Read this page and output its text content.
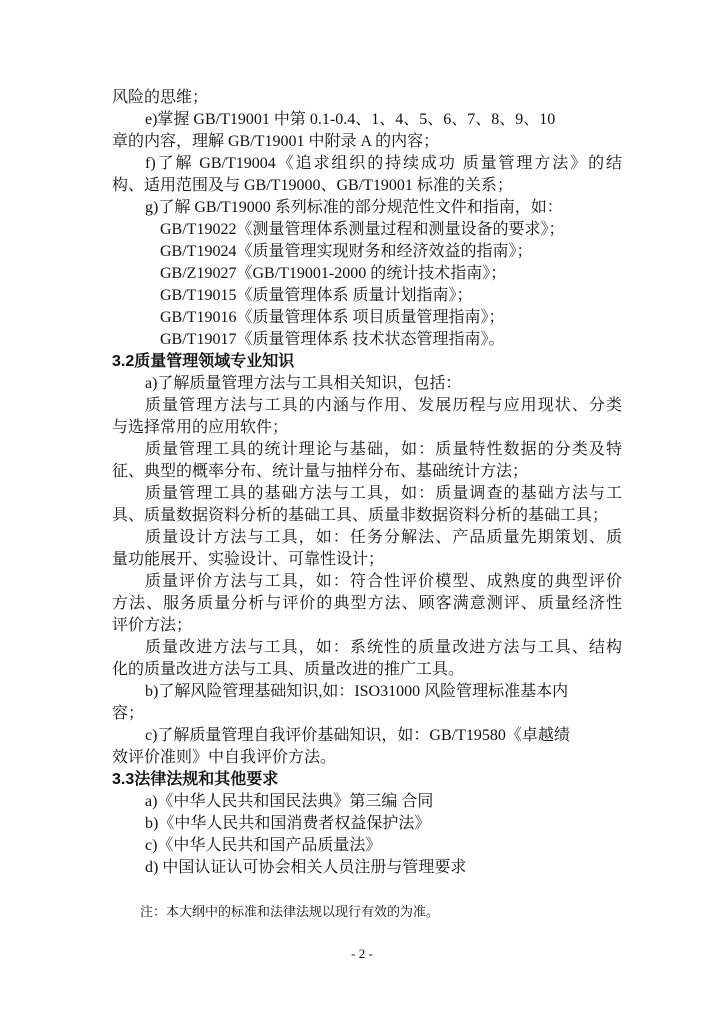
风险的思维；
e)掌握 GB/T19001 中第 0.1-0.4、1、4、5、6、7、8、9、10
章的内容，理解 GB/T19001 中附录 A 的内容；
f)了解 GB/T19004《追求组织的持续成功 质量管理方法》的结
构、适用范围及与 GB/T19000、GB/T19001 标准的关系；
g)了解 GB/T19000 系列标准的部分规范性文件和指南，如：
GB/T19022《测量管理体系测量过程和测量设备的要求》；
GB/T19024《质量管理实现财务和经济效益的指南》；
GB/Z19027《GB/T19001-2000 的统计技术指南》；
GB/T19015《质量管理体系 质量计划指南》；
GB/T19016《质量管理体系 项目质量管理指南》；
GB/T19017《质量管理体系 技术状态管理指南》。
3.2质量管理领域专业知识
a)了解质量管理方法与工具相关知识，包括：
质量管理方法与工具的内涵与作用、发展历程与应用现状、分类
与选择常用的应用软件；
质量管理工具的统计理论与基础，如：质量特性数据的分类及特
征、典型的概率分布、统计量与抽样分布、基础统计方法；
质量管理工具的基础方法与工具，如：质量调查的基础方法与工
具、质量数据资料分析的基础工具、质量非数据资料分析的基础工具；
质量设计方法与工具，如：任务分解法、产品质量先期策划、质
量功能展开、实验设计、可靠性设计；
质量评价方法与工具，如：符合性评价模型、成熟度的典型评价
方法、服务质量分析与评价的典型方法、顾客满意测评、质量经济性
评价方法；
质量改进方法与工具，如：系统性的质量改进方法与工具、结构
化的质量改进方法与工具、质量改进的推广工具。
b)了解风险管理基础知识,如：ISO31000 风险管理标准基本内
容；
c)了解质量管理自我评价基础知识，如：GB/T19580《卓越绩
效评价准则》中自我评价方法。
3.3法律法规和其他要求
a)《中华人民共和国民法典》第三编 合同
b)《中华人民共和国消费者权益保护法》
c)《中华人民共和国产品质量法》
d) 中国认证认可协会相关人员注册与管理要求
注：本大纲中的标准和法律法规以现行有效的为准。
- 2 -
